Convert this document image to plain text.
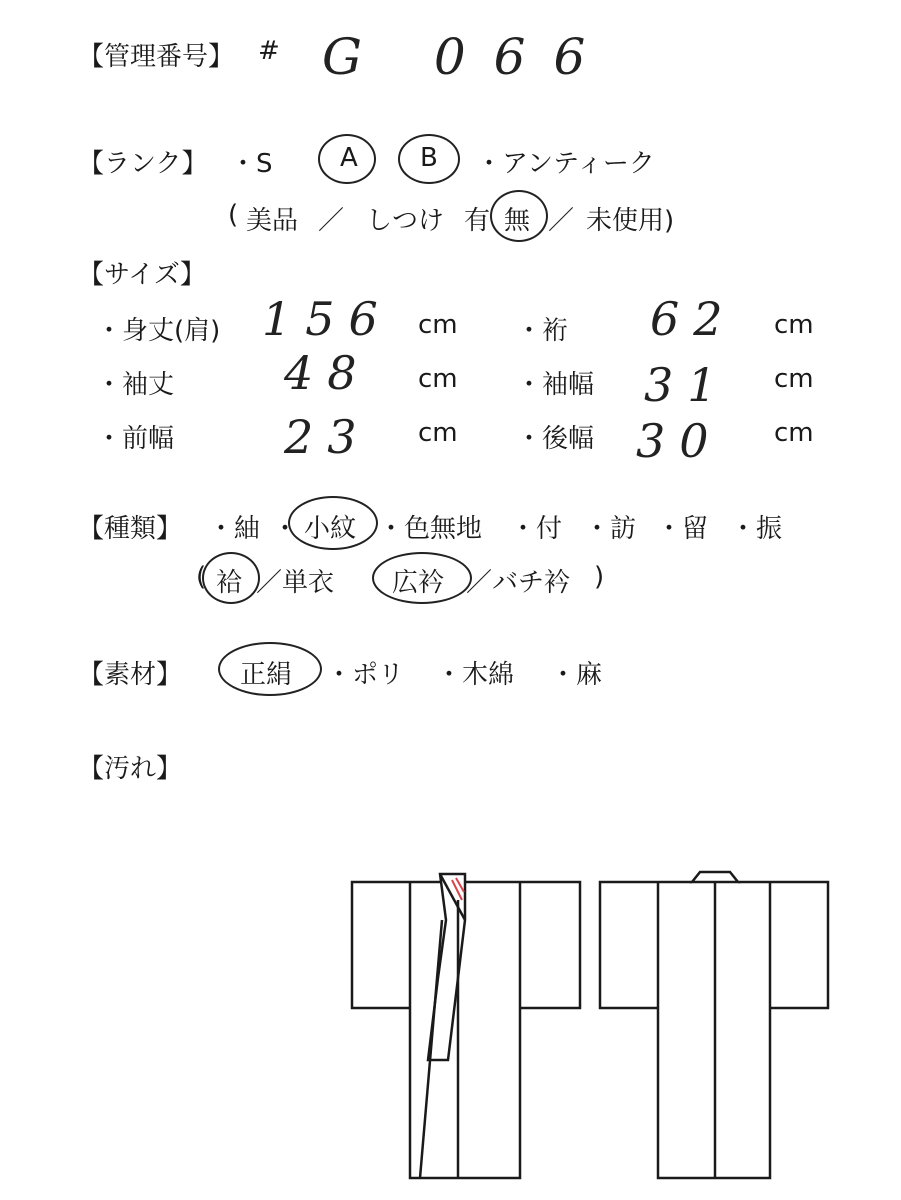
【管理番号】 # G 066
【ランク】 ・S	A B ・アンティーク
( 美品 ／ しつけ 有 無 ／ 未使用)
【サイズ】
・身丈(肩) 156 cm ・裄 62 cm
・袖丈 48 cm ・袖幅 31 cm
・前幅 23 cm ・後幅 30 cm
【種類】 ・紬 ・ 小紋 ・色無地 ・付 ・訪 ・留 ・振
( 袷 ／単衣 広衿 ／バチ衿 )
【素材】 正絹 ・ポリ ・木綿 ・麻
【汚れ】
